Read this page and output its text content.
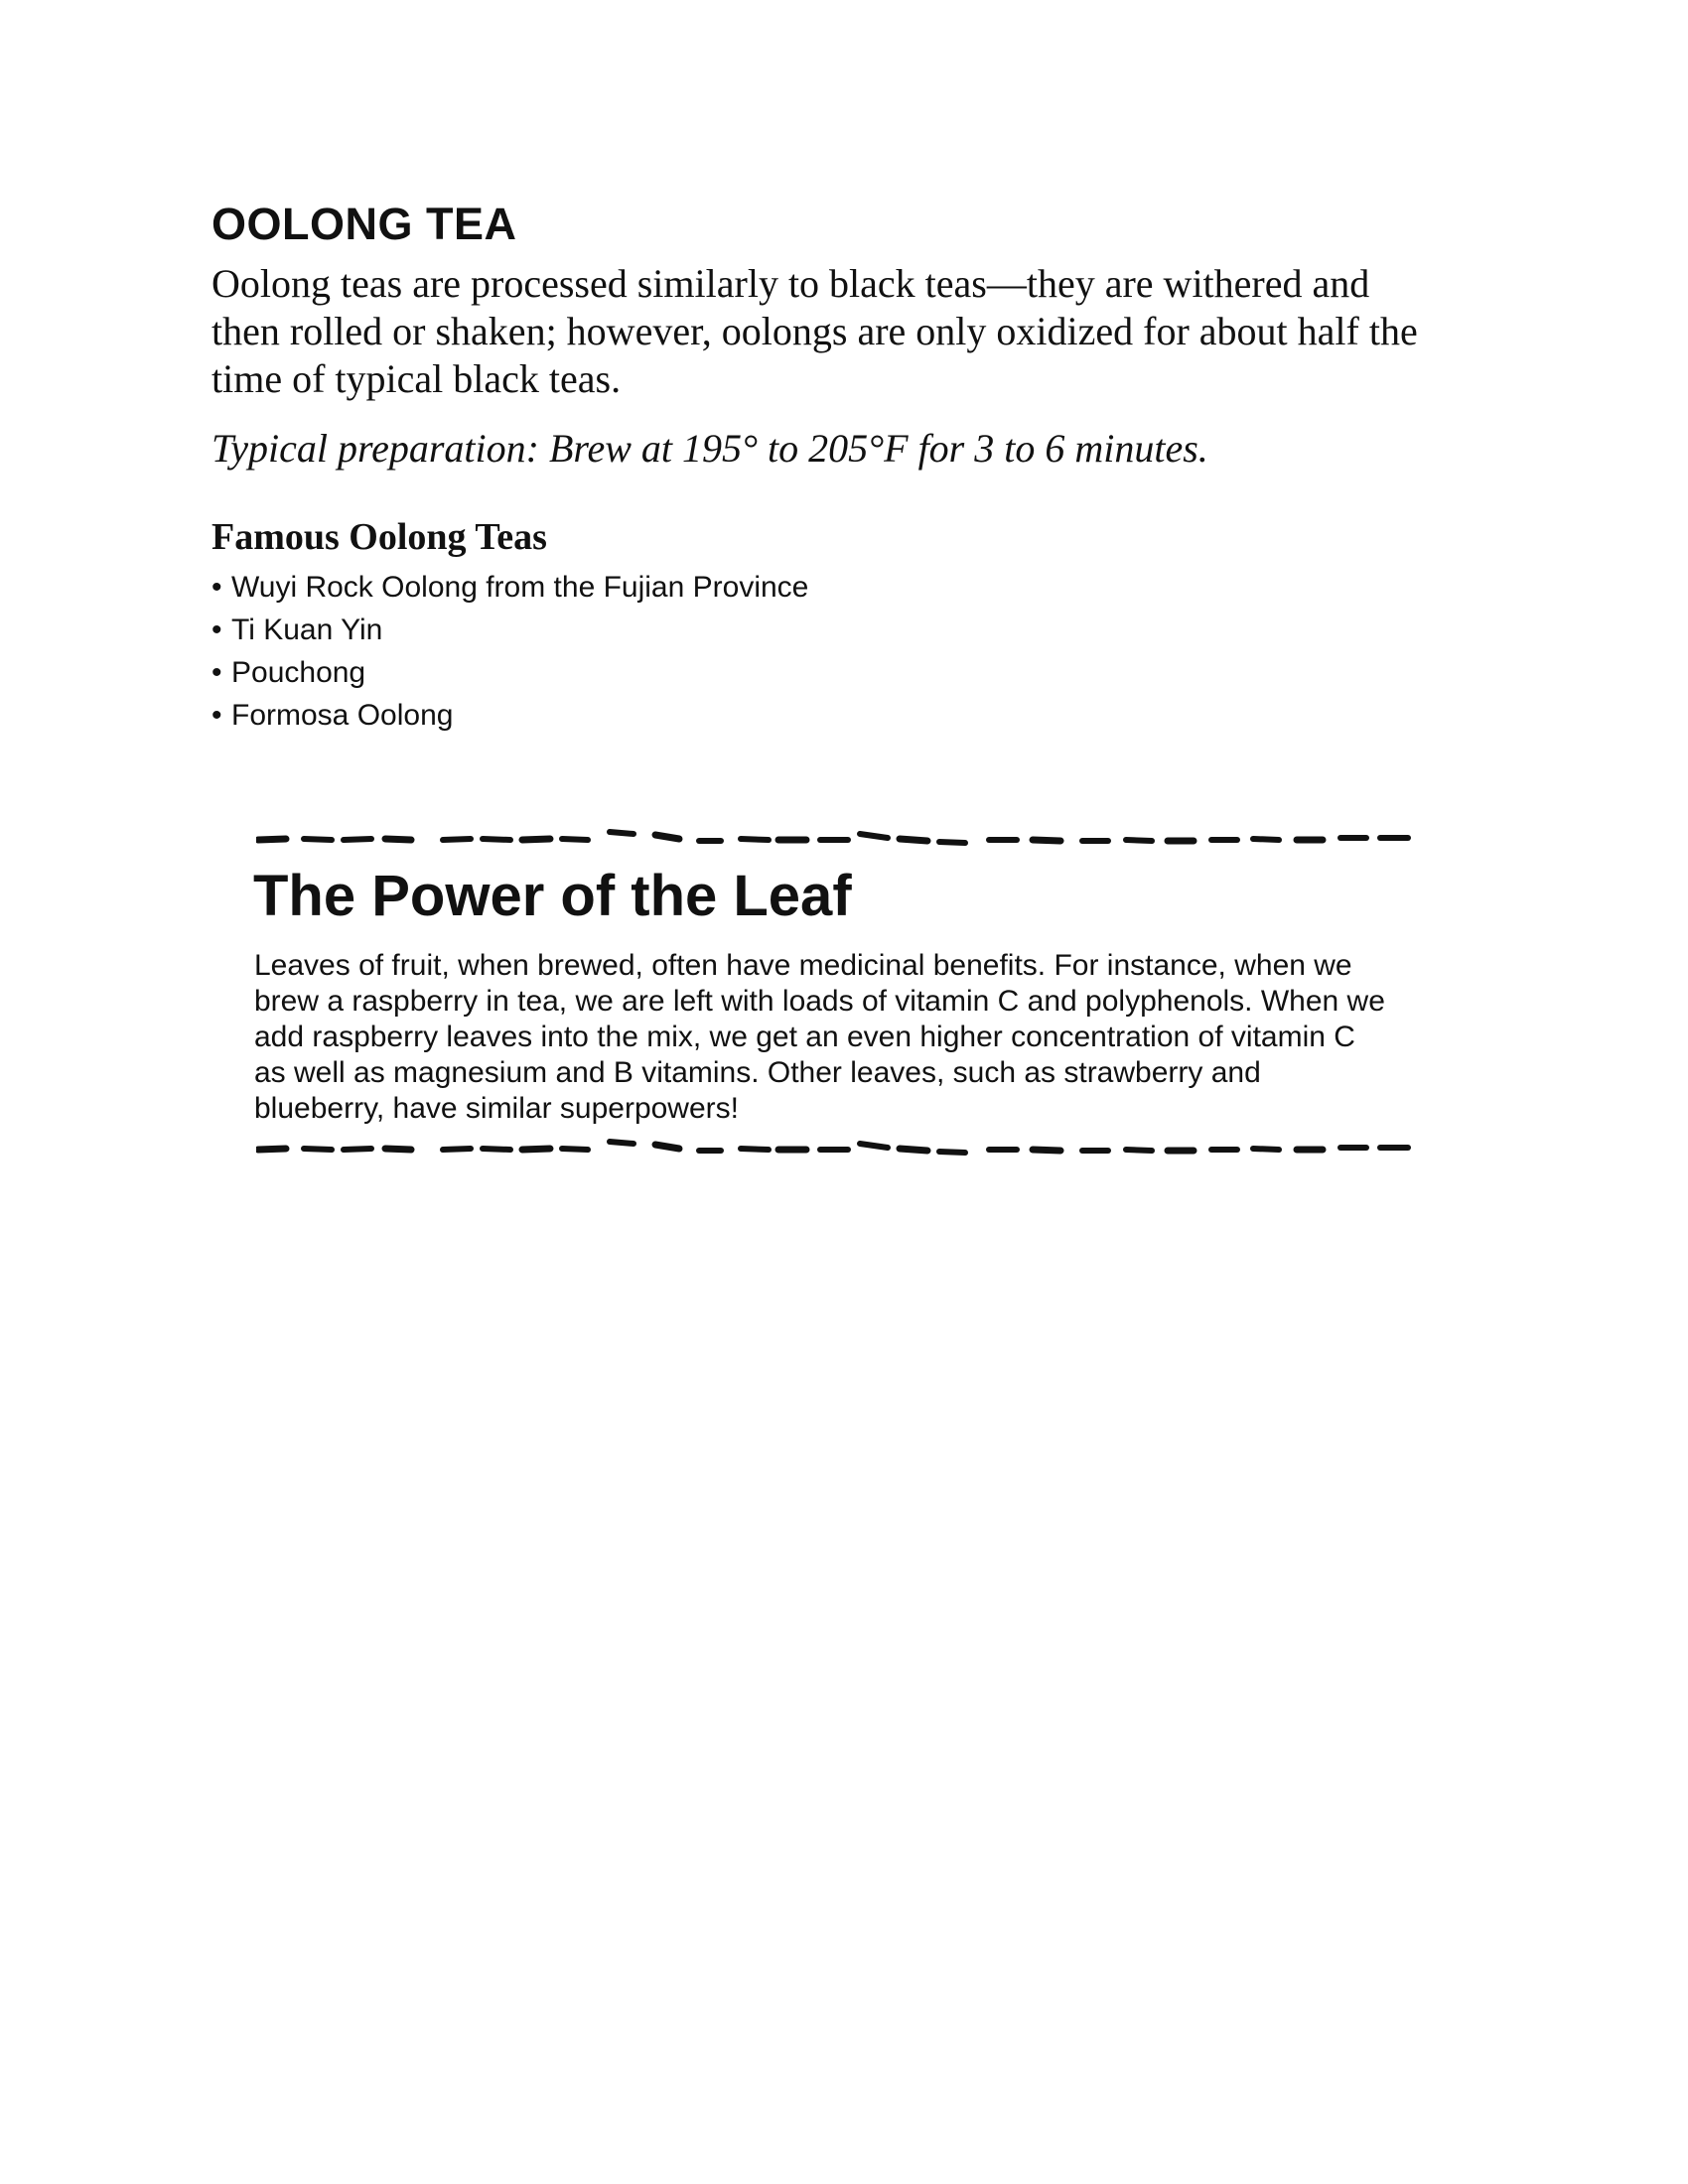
OOLONG TEA

Oolong teas are processed similarly to black teas—they are withered and
then rolled or shaken; however, oolongs are only oxidized for about half the
time of typical black teas.

Typical preparation: Brew at 195° to 205°F for 3 to 6 minutes.

Famous Oolong Teas
• Wuyi Rock Oolong from the Fujian Province
• Ti Kuan Yin
• Pouchong
• Formosa Oolong
The Power of the Leaf

Leaves of fruit, when brewed, often have medicinal benefits. For instance, when we
brew a raspberry in tea, we are left with loads of vitamin C and polyphenols. When we
add raspberry leaves into the mix, we get an even higher concentration of vitamin C
as well as magnesium and B vitamins. Other leaves, such as strawberry and
blueberry, have similar superpowers!
